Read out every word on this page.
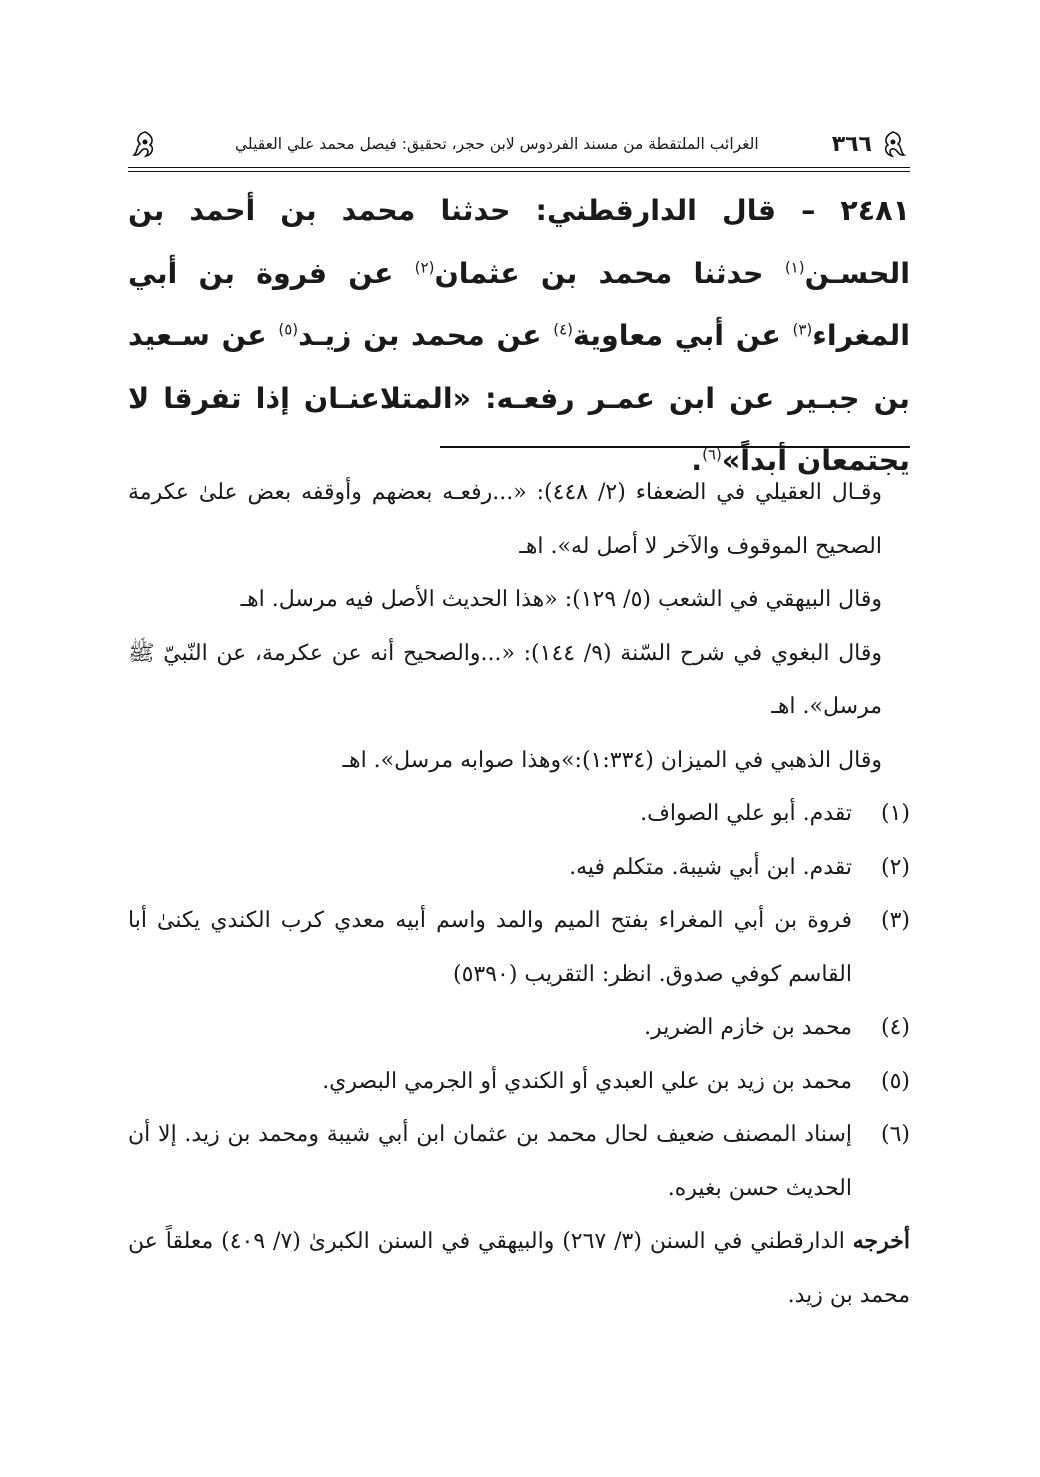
٣٦٦
الغرائب الملتقطة من مسند الفردوس لابن حجر، تحقيق: فيصل محمد علي العقيلي
٢٤٨١ – قال الدارقطني: حدثنا محمد بن أحمد بن الحسـن$^{(١)}$ حدثنا محمد بن عثمان$^{(٢)}$ عن فروة بن أبي المغراء$^{(٣)}$ عن أبي معاوية$^{(٤)}$ عن محمد بن زيـد$^{(٥)}$ عن سـعيد بن جبـير عن ابن عمـر رفعـه: «المتلاعنـان إذا تفرقا لا يجتمعان أبداً»$^{(٦)}$.

وقـال العقيلي في الضعفاء (٢/ ٤٤٨): «...رفعـه بعضهم وأوقفه بعض علىٰ عكرمة الصحيح الموقوف والآخر لا أصل له». اهـ

وقال البيهقي في الشعب (٥/ ١٢٩): «هذا الحديث الأصل فيه مرسل. اهـ

وقال البغوي في شرح السّنة (٩/ ١٤٤): «...والصحيح أنه عن عكرمة، عن النّبيّ ﷺ مرسل». اهـ

وقال الذهبي في الميزان (١:٣٣٤):»وهذا صوابه مرسل». اهـ

(١)
تقدم. أبو علي الصواف.
(٢)
تقدم. ابن أبي شيبة. متكلم فيه.
(٣)
فروة بن أبي المغراء بفتح الميم والمد واسم أبيه معدي كرب الكندي يكنىٰ أبا القاسم كوفي صدوق. انظر: التقريب (٥٣٩٠)
(٤)
محمد بن خازم الضرير.
(٥)
محمد بن زيد بن علي العبدي أو الكندي أو الجرمي البصري.
(٦)
إسناد المصنف ضعيف لحال محمد بن عثمان ابن أبي شيبة ومحمد بن زيد. إلا أن الحديث حسن بغيره.

أخرجه الدارقطني في السنن (٣/ ٢٦٧) والبيهقي في السنن الكبرىٰ (٧/ ٤٠٩) معلقاً عن محمد بن زيد.
